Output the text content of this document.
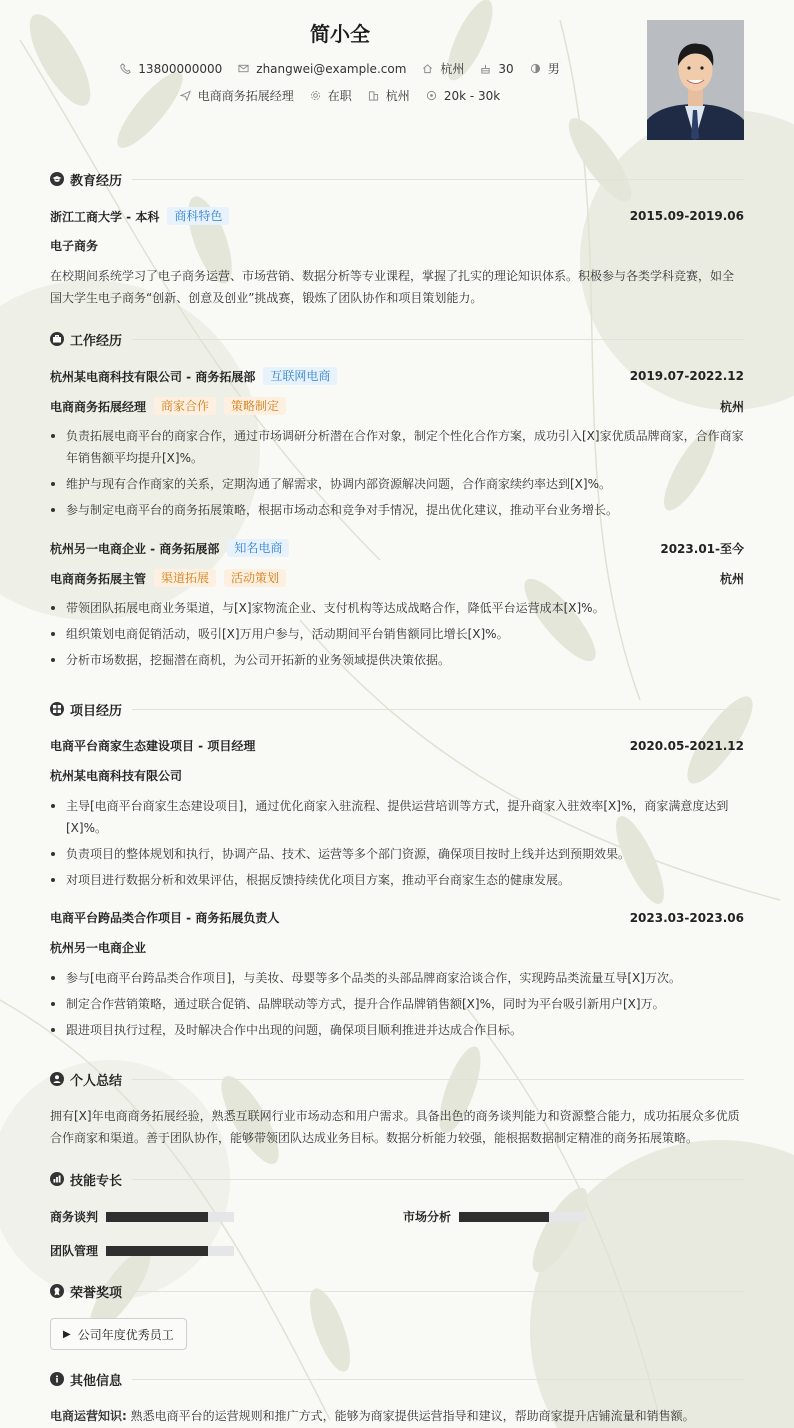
简小全
13800000000	zhangwei@example.com	杭州	30	男
电商商务拓展经理	在职	杭州	20k - 30k
教育经历
浙江工商大学 - 本科	商科特色	2015.09-2019.06
电子商务
在校期间系统学习了电子商务运营、市场营销、数据分析等专业课程，掌握了扎实的理论知识体系。积极参与各类学科竞赛，如全国大学生电子商务“创新、创意及创业”挑战赛，锻炼了团队协作和项目策划能力。
工作经历
杭州某电商科技有限公司 - 商务拓展部	互联网电商	2019.07-2022.12
电商商务拓展经理	商家合作	策略制定	杭州
负责拓展电商平台的商家合作，通过市场调研分析潜在合作对象，制定个性化合作方案，成功引入[X]家优质品牌商家，合作商家年销售额平均提升[X]%。
维护与现有合作商家的关系，定期沟通了解需求，协调内部资源解决问题，合作商家续约率达到[X]%。
参与制定电商平台的商务拓展策略，根据市场动态和竞争对手情况，提出优化建议，推动平台业务增长。
杭州另一电商企业 - 商务拓展部	知名电商	2023.01-至今
电商商务拓展主管	渠道拓展	活动策划	杭州
带领团队拓展电商业务渠道，与[X]家物流企业、支付机构等达成战略合作，降低平台运营成本[X]%。
组织策划电商促销活动，吸引[X]万用户参与，活动期间平台销售额同比增长[X]%。
分析市场数据，挖掘潜在商机，为公司开拓新的业务领域提供决策依据。
项目经历
电商平台商家生态建设项目 - 项目经理	2020.05-2021.12
杭州某电商科技有限公司
主导[电商平台商家生态建设项目]，通过优化商家入驻流程、提供运营培训等方式，提升商家入驻效率[X]%，商家满意度达到[X]%。
负责项目的整体规划和执行，协调产品、技术、运营等多个部门资源，确保项目按时上线并达到预期效果。
对项目进行数据分析和效果评估，根据反馈持续优化项目方案，推动平台商家生态的健康发展。
电商平台跨品类合作项目 - 商务拓展负责人	2023.03-2023.06
杭州另一电商企业
参与[电商平台跨品类合作项目]，与美妆、母婴等多个品类的头部品牌商家洽谈合作，实现跨品类流量互导[X]万次。
制定合作营销策略，通过联合促销、品牌联动等方式，提升合作品牌销售额[X]%，同时为平台吸引新用户[X]万。
跟进项目执行过程，及时解决合作中出现的问题，确保项目顺利推进并达成合作目标。
个人总结
拥有[X]年电商商务拓展经验，熟悉互联网行业市场动态和用户需求。具备出色的商务谈判能力和资源整合能力，成功拓展众多优质合作商家和渠道。善于团队协作，能够带领团队达成业务目标。数据分析能力较强，能根据数据制定精准的商务拓展策略。
技能专长
商务谈判	市场分析
团队管理
荣誉奖项
▶ 公司年度优秀员工
其他信息
电商运营知识: 熟悉电商平台的运营规则和推广方式，能够为商家提供运营指导和建议，帮助商家提升店铺流量和销售额。
